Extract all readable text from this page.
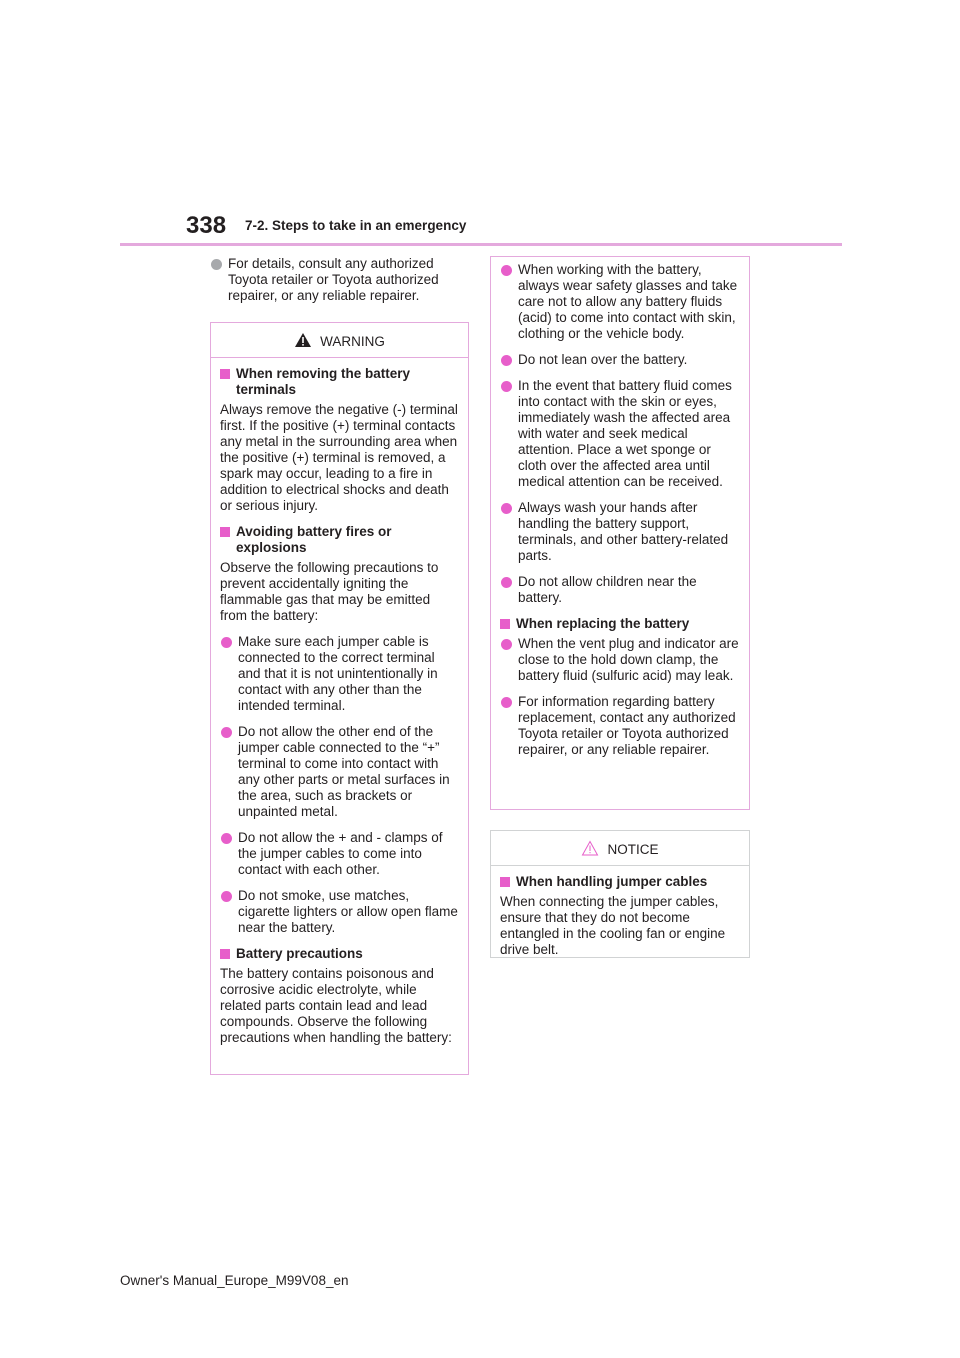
338 7-2. Steps to take in an emergency
For details, consult any authorized Toyota retailer or Toyota authorized repairer, or any reliable repairer.
WARNING
When removing the battery terminals

Always remove the negative (-) terminal first. If the positive (+) terminal contacts any metal in the surrounding area when the positive (+) terminal is removed, a spark may occur, leading to a fire in addition to electrical shocks and death or serious injury.

Avoiding battery fires or explosions

Observe the following precautions to prevent accidentally igniting the flammable gas that may be emitted from the battery:

Make sure each jumper cable is connected to the correct terminal and that it is not unintentionally in contact with any other than the intended terminal.
Do not allow the other end of the jumper cable connected to the “+” terminal to come into contact with any other parts or metal surfaces in the area, such as brackets or unpainted metal.
Do not allow the + and - clamps of the jumper cables to come into contact with each other.
Do not smoke, use matches, cigarette lighters or allow open flame near the battery.
Battery precautions

The battery contains poisonous and corrosive acidic electrolyte, while related parts contain lead and lead compounds. Observe the following precautions when handling the battery:

When working with the battery, always wear safety glasses and take care not to allow any battery fluids (acid) to come into contact with skin, clothing or the vehicle body.
Do not lean over the battery.
In the event that battery fluid comes into contact with the skin or eyes, immediately wash the affected area with water and seek medical attention. Place a wet sponge or cloth over the affected area until medical attention can be received.
Always wash your hands after handling the battery support, terminals, and other battery-related parts.
Do not allow children near the battery.
When replacing the battery
When the vent plug and indicator are close to the hold down clamp, the battery fluid (sulfuric acid) may leak.
For information regarding battery replacement, contact any authorized Toyota retailer or Toyota authorized repairer, or any reliable repairer.
NOTICE
When handling jumper cables

When connecting the jumper cables, ensure that they do not become entangled in the cooling fan or engine drive belt.

Owner's Manual_Europe_M99V08_en
